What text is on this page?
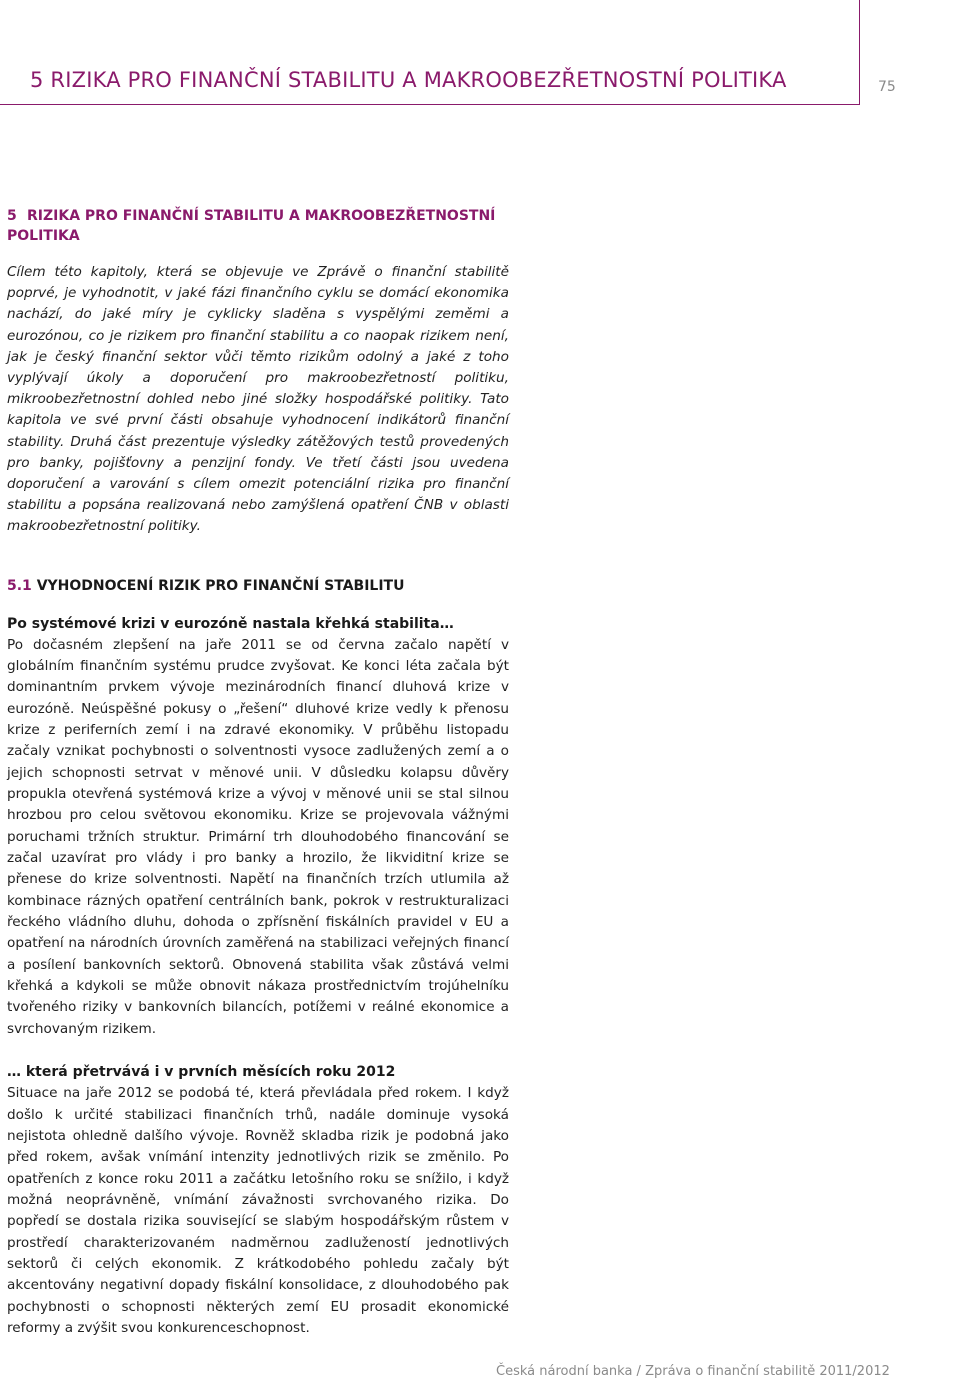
5 RIZIKA PRO FINANČNÍ STABILITU A MAKROOBEZŘETNOSTNÍ POLITIKA	75
5 RIZIKA PRO FINANČNÍ STABILITU A MAKROOBEZŘETNOSTNÍ POLITIKA

Cílem této kapitoly, která se objevuje ve Zprávě o finanční stabilitě poprvé, je vyhodnotit, v jaké fázi finančního cyklu se domácí ekonomika nachází, do jaké míry je cyklicky sladěna s vyspělými zeměmi a eurozónou, co je rizikem pro finanční stabilitu a co naopak rizikem není, jak je český finanční sektor vůči těmto rizikům odolný a jaké z toho vyplývají úkoly a doporučení pro makroobezřetností politiku, mikroobezřetnostní dohled nebo jiné složky hospodářské politiky. Tato kapitola ve své první části obsahuje vyhodnocení indikátorů finanční stability. Druhá část prezentuje výsledky zátěžových testů provedených pro banky, pojišťovny a penzijní fondy. Ve třetí části jsou uvedena doporučení a varování s cílem omezit potenciální rizika pro finanční stabilitu a popsána realizovaná nebo zamýšlená opatření ČNB v oblasti makroobezřetnostní politiky.

5.1 VYHODNOCENÍ RIZIK PRO FINANČNÍ STABILITU
Po systémové krizi v eurozóně nastala křehká stabilita…

Po dočasném zlepšení na jaře 2011 se od června začalo napětí v globálním finančním systému prudce zvyšovat. Ke konci léta začala být dominantním prvkem vývoje mezinárodních financí dluhová krize v eurozóně. Neúspěšné pokusy o „řešení“ dluhové krize vedly k přenosu krize z periferních zemí i na zdravé ekonomiky. V průběhu listopadu začaly vznikat pochybnosti o solventnosti vysoce zadlužených zemí a o jejich schopnosti setrvat v měnové unii. V důsledku kolapsu důvěry propukla otevřená systémová krize a vývoj v měnové unii se stal silnou hrozbou pro celou světovou ekonomiku. Krize se projevovala vážnými poruchami tržních struktur. Primární trh dlouhodobého financování se začal uzavírat pro vlády i pro banky a hrozilo, že likviditní krize se přenese do krize solventnosti. Napětí na finančních trzích utlumila až kombinace rázných opatření centrálních bank, pokrok v restrukturalizaci řeckého vládního dluhu, dohoda o zpřísnění fiskálních pravidel v EU a opatření na národních úrovních zaměřená na stabilizaci veřejných financí a posílení bankovních sektorů. Obnovená stabilita však zůstává velmi křehká a kdykoli se může obnovit nákaza prostřednictvím trojúhelníku tvořeného riziky v bankovních bilancích, potížemi v reálné ekonomice a svrchovaným rizikem.

… která přetrvává i v prvních měsících roku 2012

Situace na jaře 2012 se podobá té, která převládala před rokem. I když došlo k určité stabilizaci finančních trhů, nadále dominuje vysoká nejistota ohledně dalšího vývoje. Rovněž skladba rizik je podobná jako před rokem, avšak vnímání intenzity jednotlivých rizik se změnilo. Po opatřeních z konce roku 2011 a začátku letošního roku se snížilo, i když možná neoprávněně, vnímání závažnosti svrchovaného rizika. Do popředí se dostala rizika související se slabým hospodářským růstem v prostředí charakterizovaném nadměrnou zadlužeností jednotlivých sektorů či celých ekonomik. Z krátkodobého pohledu začaly být akcentovány negativní dopady fiskální konsolidace, z dlouhodobého pak pochybnosti o schopnosti některých zemí EU prosadit ekonomické reformy a zvýšit svou konkurenceschopnost.

Česká národní banka / Zpráva o finanční stabilitě 2011/2012
